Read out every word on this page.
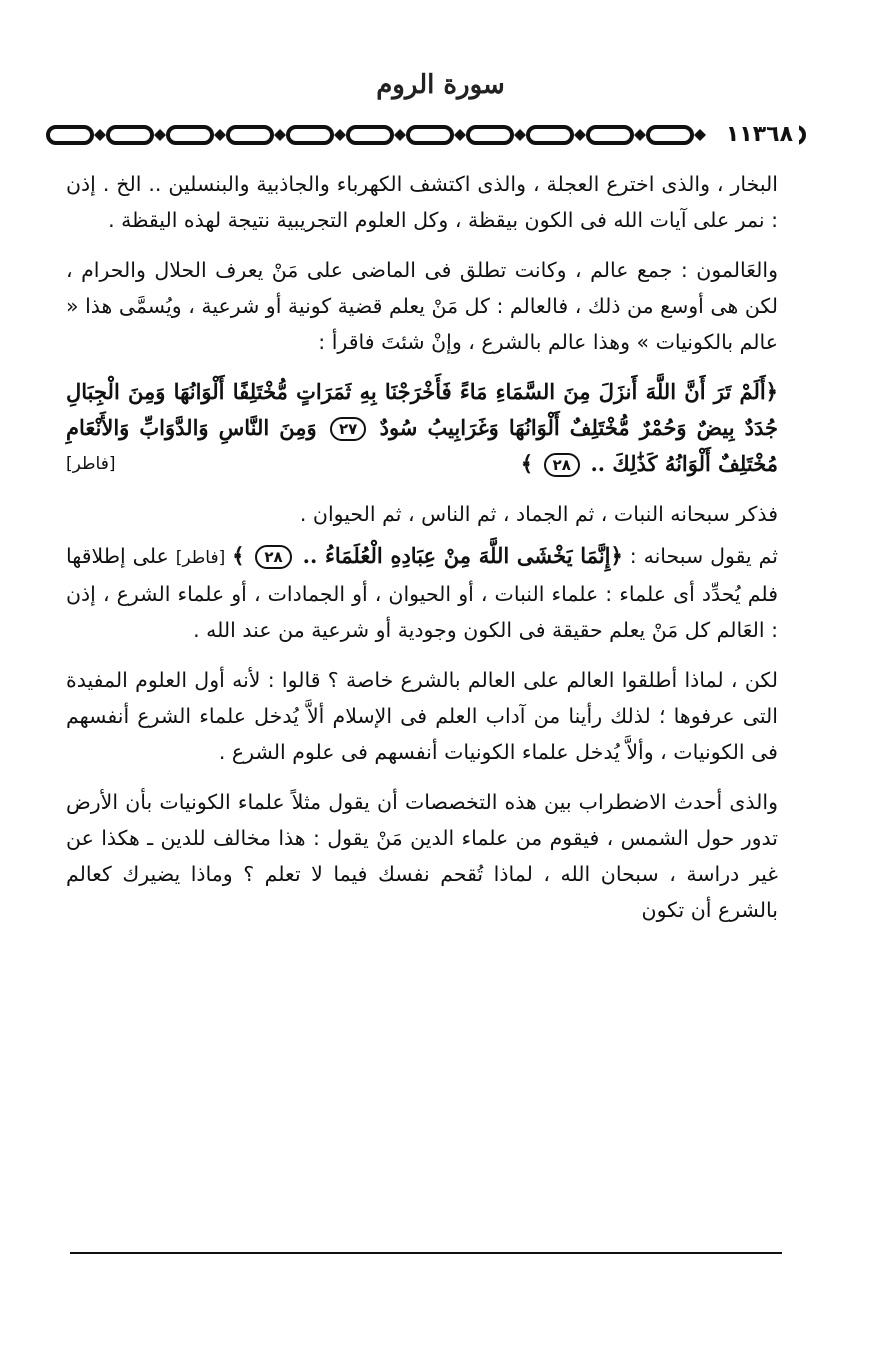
سورة الروم
١١٣٦٨

البخار ، والذى اخترع العجلة ، والذى اكتشف الكهرباء والجاذبية والبنسلين .. الخ . إذن : نمر على آيات الله فى الكون بيقظة ، وكل العلوم التجريبية نتيجة لهذه اليقظة .

والعَالمون : جمع عالم ، وكانت تطلق فى الماضى على مَنْ يعرف الحلال والحرام ، لكن هى أوسع من ذلك ، فالعالم : كل مَنْ يعلم قضية كونية أو شرعية ، ويُسمَّى هذا « عالم بالكونيات » وهذا عالم بالشرع ، وإنْ شئتَ فاقرأ :

﴿أَلَمْ تَرَ أَنَّ اللَّهَ أَنزَلَ مِنَ السَّمَاءِ مَاءً فَأَخْرَجْنَا بِهِ ثَمَرَاتٍ مُّخْتَلِفًا أَلْوَانُهَا وَمِنَ الْجِبَالِ جُدَدٌ بِيضٌ وَحُمْرٌ مُّخْتَلِفٌ أَلْوَانُهَا وَغَرَابِيبُ سُودٌ ٢٧ وَمِنَ النَّاسِ وَالدَّوَابِّ وَالأَنْعَامِ مُخْتَلِفٌ أَلْوَانُهُ كَذَٰلِكَ .. ٢٨ ﴾
[فاطر]

فذكر سبحانه النبات ، ثم الجماد ، ثم الناس ، ثم الحيوان .

ثم يقول سبحانه : ﴿إِنَّمَا يَخْشَى اللَّهَ مِنْ عِبَادِهِ الْعُلَمَاءُ .. ٢٨ ﴾ [فاطر] على إطلاقها فلم يُحدِّد أى علماء : علماء النبات ، أو الحيوان ، أو الجمادات ، أو علماء الشرع ، إذن : العَالم كل مَنْ يعلم حقيقة فى الكون وجودية أو شرعية من عند الله .

لكن ، لماذا أطلقوا العالم على العالم بالشرع خاصة ؟ قالوا : لأنه أول العلوم المفيدة التى عرفوها ؛ لذلك رأينا من آداب العلم فى الإسلام ألاَّ يُدخل علماء الشرع أنفسهم فى الكونيات ، وألاَّ يُدخل علماء الكونيات أنفسهم فى علوم الشرع .

والذى أحدث الاضطراب بين هذه التخصصات أن يقول مثلاً علماء الكونيات بأن الأرض تدور حول الشمس ، فيقوم من علماء الدين مَنْ يقول : هذا مخالف للدين ـ هكذا عن غير دراسة ، سبحان الله ، لماذا تُقحم نفسك فيما لا تعلم ؟ وماذا يضيرك كعالم بالشرع أن تكون
